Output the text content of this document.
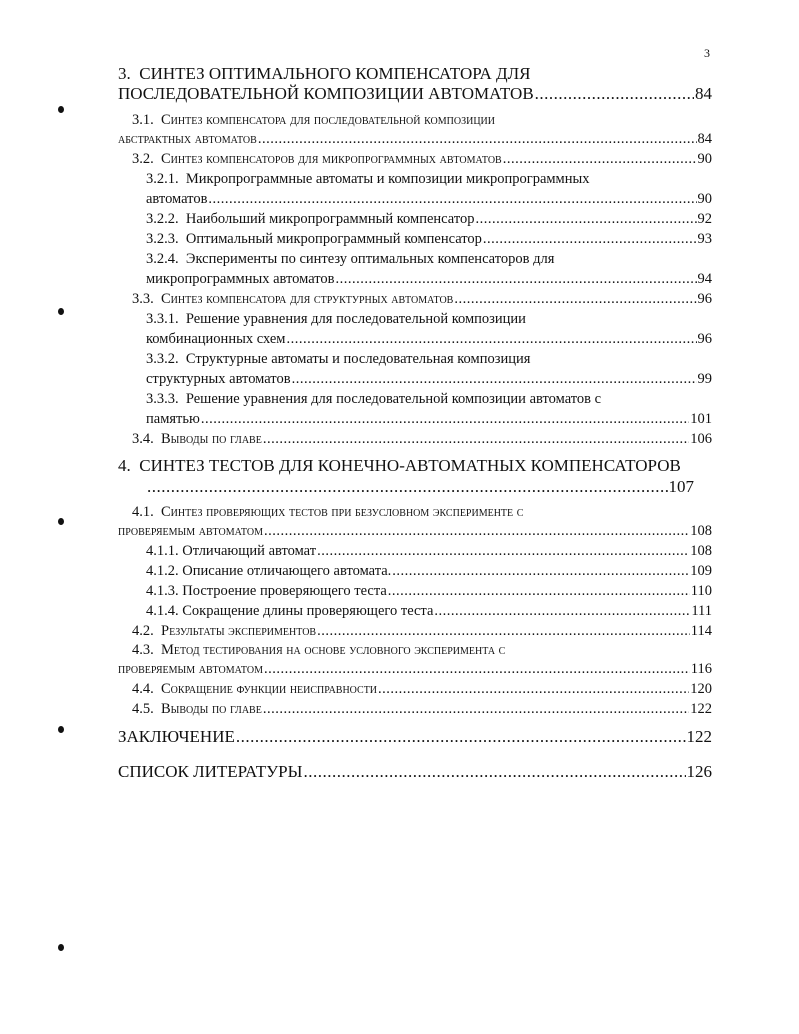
3
3.
СИНТЕЗ ОПТИМАЛЬНОГО КОМПЕНСАТОРА ДЛЯ
ПОСЛЕДОВАТЕЛЬНОЙ КОМПОЗИЦИИ АВТОМАТОВ .....	84
3.1.
Синтез компенсатора для последовательной композиции
абстрактных автоматов .....	84
3.2.
Синтез компенсаторов для микропрограммных автоматов .....	90
3.2.1.
Микропрограммные автоматы и композиции микропрограммных
автоматов .....	90
3.2.2.
Наибольший микропрограммный компенсатор .....	92
3.2.3.
Оптимальный микропрограммный компенсатор .....	93
3.2.4.
Эксперименты по синтезу оптимальных компенсаторов для
микропрограммных автоматов .....	94
3.3.
Синтез компенсатора для структурных автоматов .....	96
3.3.1.
Решение уравнения для последовательной композиции
комбинационных схем .....	96
3.3.2.
Структурные автоматы и последовательная композиция
структурных автоматов .....	99
3.3.3.
Решение уравнения для последовательной композиции автоматов с
памятью .....	101
3.4.
Выводы по главе .....	106
4.
СИНТЕЗ ТЕСТОВ ДЛЯ КОНЕЧНО-АВТОМАТНЫХ КОМПЕНСАТОРОВ
.....
107
4.1.
Синтез проверяющих тестов при безусловном эксперименте с
проверяемым автоматом .....	108
4.1.1.
Отличающий автомат .....	108
4.1.2.
Описание отличающего автомата. .....	109
4.1.3.
Построение проверяющего теста .....	110
4.1.4.
Сокращение длины проверяющего теста .....	111
4.2.
Результаты экспериментов .....	114
4.3.
Метод тестирования на основе условного эксперимента с
проверяемым автоматом .....	116
4.4.
Сокращение функции неисправности .....	120
4.5.
Выводы по главе .....	122
ЗАКЛЮЧЕНИЕ .....	122
СПИСОК ЛИТЕРАТУРЫ .....	126
